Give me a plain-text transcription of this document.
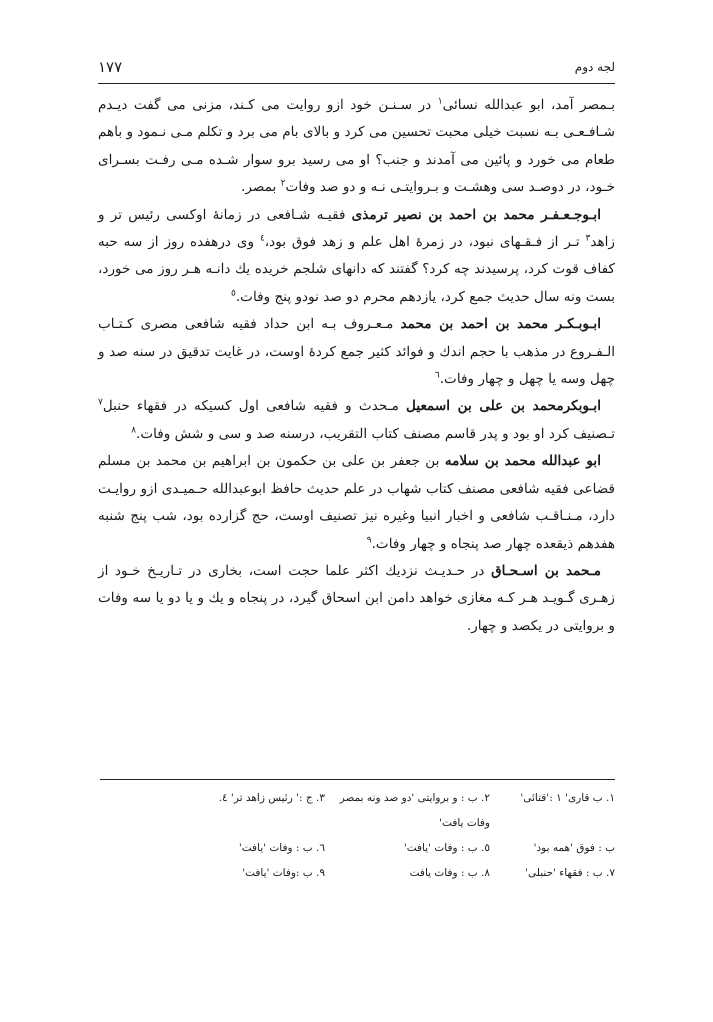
١٧٧	لجه دوم

بـمصر آمد، ابو عبدالله نسائى$^١$ در سـنـن خود ازو روايت مى كـند، مزنى مى گفت ديـدم شـافـعـى بـه نسبت خيلى محبت تحسين مى كرد و بالاى بام مى برد و تكلم مـى نـمود و باهم طعام مى خورد و پائين مى آمدند و جنب؟ او مى رسيد برو سوار شـده مـى رفـت بسـراى خـود، در دوصـد سى وهشـت و بـروايتـى نـه و دو صد وفات$^٢$ بمصر.

ابـوجـعـفـر محمد بن احمد بن نصير ترمذى فقيـه شـافعى در زمانهٔ اوكسى رئيس تر و زاهد$^٣$ تـر از فـقـهاى نبود، در زمرهٔ اهل علم و زهد فوق بود،$^٤$ وى درهفده روز از سه حبه كفاف قوت كرد، پرسيدند چه كرد؟ گفتند كه دانهاى شلجم خريده يك دانـه هـر روز مى خورد، بست ونه سال حديث جمع كرد، يازدهم محرم دو صد نودو پنج وفات.$^٥$

ابـوبـكـر محمد بن احمد بن محمد مـعـروف بـه ابن حداد فقيه شافعى مصرى كـتـاب الـفـروع در مذهب با حجم اندك و فوائد كثير جمع كردهٔ اوست، در غايت تدقيق در سنه صد و چهل وسه يا چهل و چهار وفات.$^٦$

ابـوبكرمحمد بن على بن اسمعيل مـحدث و فقيه شافعى اول كسيكه در فقهاء حنبل$^٧$ تـصنيف كرد او بود و پدر قاسم مصنف كتاب التقريب، درسنه صد و سى و شش وفات.$^٨$

ابو عبدالله محمد بن سلامه بن جعفر بن على بن حكمون بن ابراهيم بن محمد بن مسلم قضاعى فقيه شافعى مصنف كتاب شهاب در علم حديث حافظ ابوعبدالله حـميـدى ازو روايـت دارد، مـنـاقـب شافعى و اخبار انبيا وغيره نيز تصنيف اوست، حج گزارده بود، شب پنج شنبه هفدهم ذيقعده چهار صد پنجاه و چهار وفات.$^٩$

مـحمد بن اسـحـاق در حـديـث نزديك اكثر علما حجت است، بخارى در تـاريـخ خـود از زهـرى گـويـد هـر كـه مغازى خواهد دامن ابن اسحاق گيرد، در پنجاه و يك و يا دو يا سه وفات و بروايتى در يكصد و چهار.

١. ب قارى' ١ :'قتائى'
٢. ب : و بروايتى 'دو صد ونه بمصر وفات يافت'
٣. ج :' رئيس زاهد تر' ٤.
ب : فوق 'همه بود'
٥. ب : وفات 'يافت'
٦. ب : وفات 'يافت'
٧. ب : فقهاء 'حنبلى'
٨. ب : وفات يافت
٩. ب :وفات 'يافت'
